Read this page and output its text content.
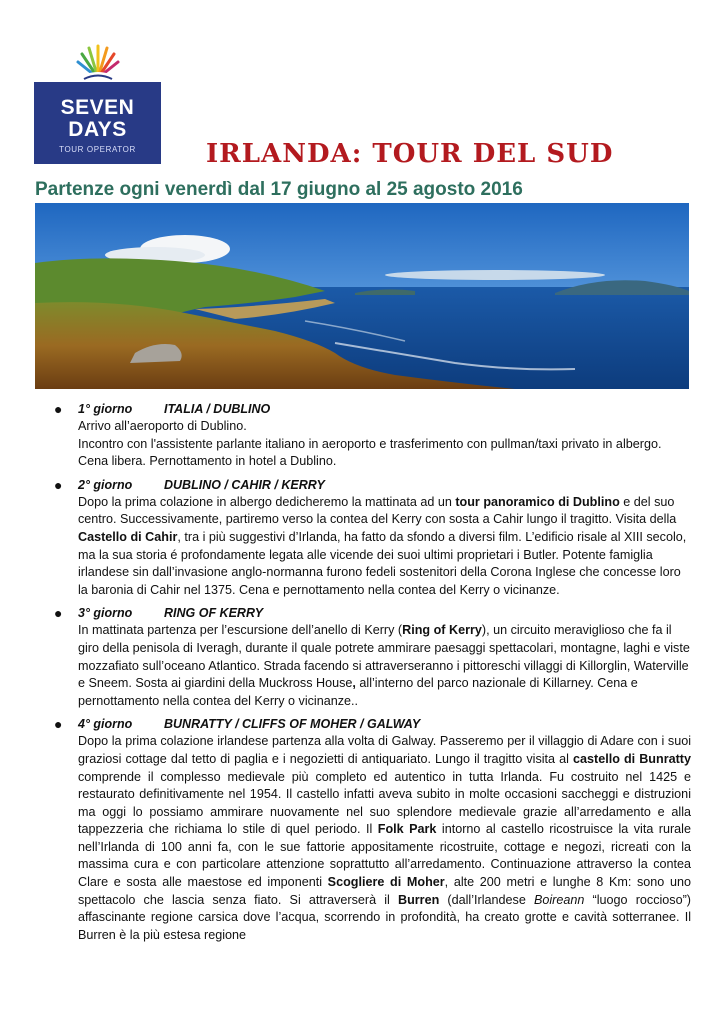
SEVEN
DAYS
TOUR OPERATOR	IRLANDA: TOUR DEL SUD
Partenze ogni venerdì dal 17 giugno al 25 agosto 2016
● 1° giorno	ITALIA / DUBLINO

Arrivo all’aeroporto di Dublino.

Incontro con l'assistente parlante italiano in aeroporto e trasferimento con pullman/taxi privato in albergo. Cena libera. Pernottamento in hotel a Dublino.

● 2° giorno	DUBLINO / CAHIR / KERRY

Dopo la prima colazione in albergo dedicheremo la mattinata ad un tour panoramico di Dublino e del suo centro. Successivamente, partiremo verso la contea del Kerry con sosta a Cahir lungo il tragitto. Visita della Castello di Cahir, tra i più suggestivi d’Irlanda, ha fatto da sfondo a diversi film. L’edificio risale al XIII secolo, ma la sua storia é profondamente legata alle vicende dei suoi ultimi proprietari i Butler. Potente famiglia irlandese sin dall’invasione anglo-normanna furono fedeli sostenitori della Corona Inglese che concesse loro la baronia di Cahir nel 1375. Cena e pernottamento nella contea del Kerry o vicinanze.

● 3° giorno	RING OF KERRY

In mattinata partenza per l’escursione dell’anello di Kerry (Ring of Kerry), un circuito meraviglioso che fa il giro della penisola di Iveragh, durante il quale potrete ammirare paesaggi spettacolari, montagne, laghi e viste mozzafiato sull’oceano Atlantico. Strada facendo si attraverseranno i pittoreschi villaggi di Killorglin, Waterville e Sneem. Sosta ai giardini della Muckross House, all’interno del parco nazionale di Killarney. Cena e pernottamento nella contea del Kerry o vicinanze..

● 4° giorno	BUNRATTY / CLIFFS OF MOHER / GALWAY

Dopo la prima colazione irlandese partenza alla volta di Galway. Passeremo per il villaggio di Adare con i suoi graziosi cottage dal tetto di paglia e i negozietti di antiquariato. Lungo il tragitto visita al castello di Bunratty comprende il complesso medievale più completo ed autentico in tutta Irlanda. Fu costruito nel 1425 e restaurato definitivamente nel 1954. Il castello infatti aveva subito in molte occasioni saccheggi e distruzioni ma oggi lo possiamo ammirare nuovamente nel suo splendore medievale grazie all’arredamento e alla tappezzeria che richiama lo stile di quel periodo. Il Folk Park intorno al castello ricostruisce la vita rurale nell’Irlanda di 100 anni fa, con le sue fattorie appositamente ricostruite, cottage e negozi, ricreati con la massima cura e con particolare attenzione soprattutto all’arredamento. Continuazione attraverso la contea Clare e sosta alle maestose ed imponenti Scogliere di Moher, alte 200 metri e lunghe 8 Km: sono uno spettacolo che lascia senza fiato. Si attraverserà il Burren (dall’Irlandese Boireann “luogo roccioso”) affascinante regione carsica dove l’acqua, scorrendo in profondità, ha creato grotte e cavità sotterranee. Il Burren è la più estesa regione
